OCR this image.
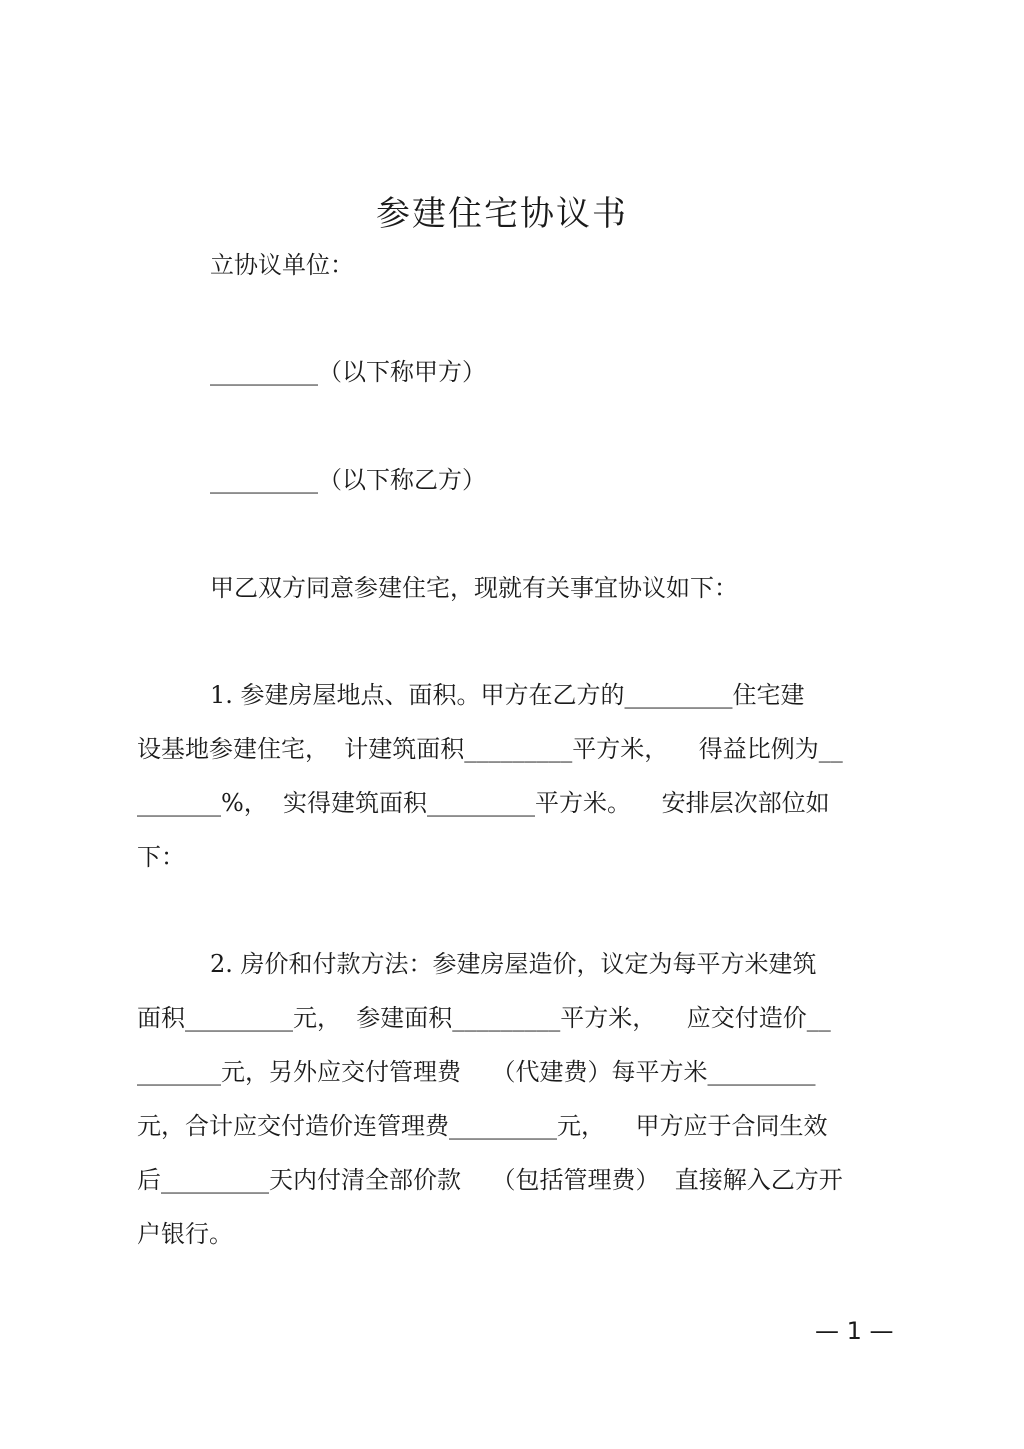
参建住宅协议书
立协议单位：
_________（以下称甲方）
_________（以下称乙方）
甲乙双方同意参建住宅，现就有关事宜协议如下：
1. 参建房屋地点、面积。甲方在乙方的_________住宅建
设基地参建住宅，  计建筑面积_________平方米，    得益比例为__
_______%，  实得建筑面积_________平方米。    安排层次部位如
下：
2. 房价和付款方法：参建房屋造价，议定为每平方米建筑
面积_________元，  参建面积_________平方米，    应交付造价__
_______元，另外应交付管理费    （代建费）每平方米_________
元，合计应交付造价连管理费_________元，    甲方应于合同生效
后_________天内付清全部价款    （包括管理费）  直接解入乙方开
户银行。
— 1 —
